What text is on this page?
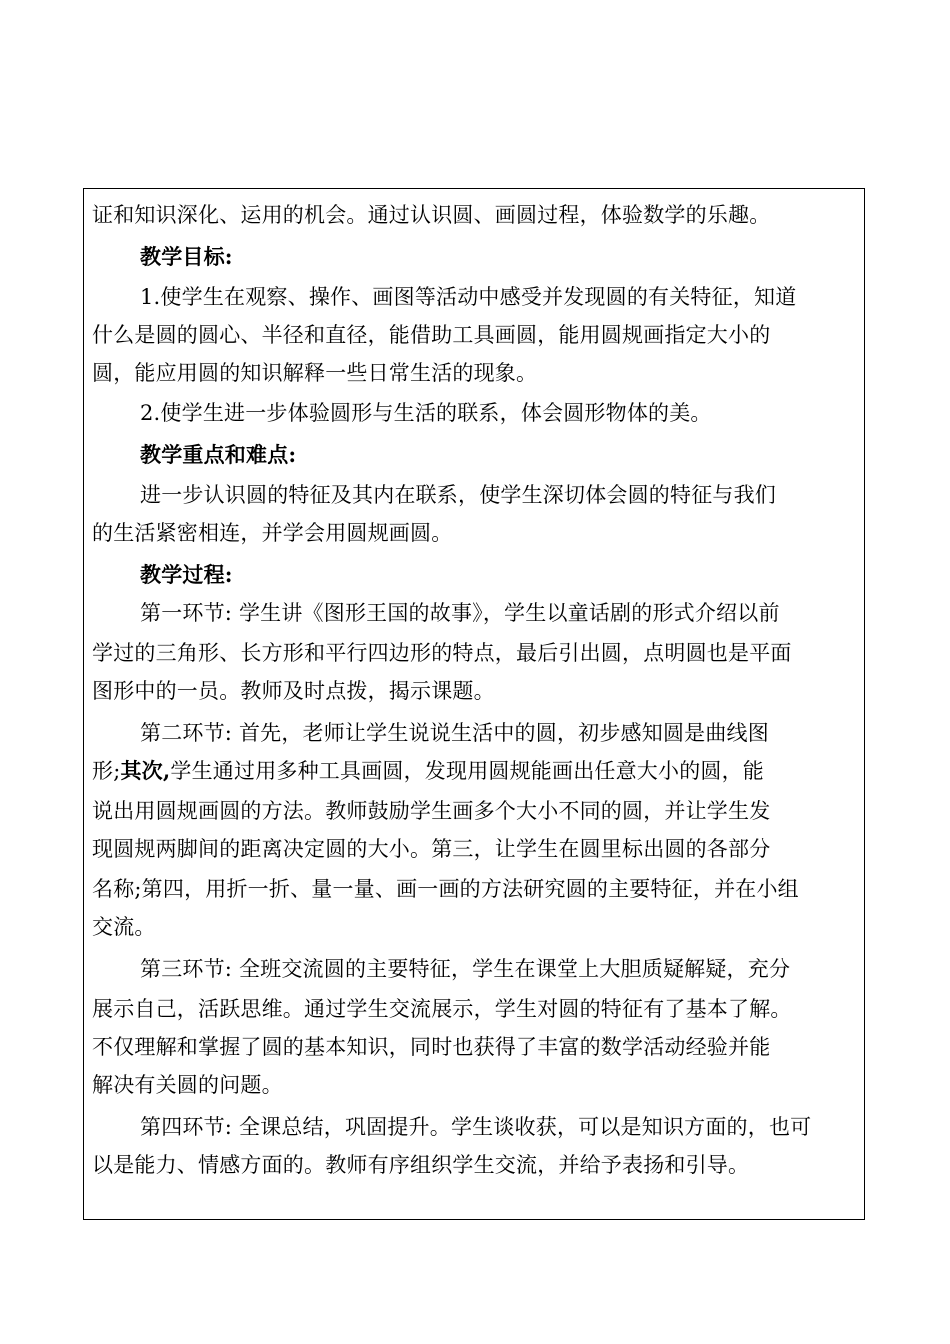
证和知识深化、运用的机会。通过认识圆、画圆过程，体验数学的乐趣。
教学目标:
1.使学生在观察、操作、画图等活动中感受并发现圆的有关特征，知道
什么是圆的圆心、半径和直径，能借助工具画圆，能用圆规画指定大小的
圆，能应用圆的知识解释一些日常生活的现象。
2.使学生进一步体验圆形与生活的联系，体会圆形物体的美。
教学重点和难点:
进一步认识圆的特征及其内在联系，使学生深切体会圆的特征与我们
的生活紧密相连，并学会用圆规画圆。
教学过程:
第一环节: 学生讲《图形王国的故事》，学生以童话剧的形式介绍以前
学过的三角形、长方形和平行四边形的特点，最后引出圆，点明圆也是平面
图形中的一员。教师及时点拨，揭示课题。
第二环节: 首先，老师让学生说说生活中的圆，初步感知圆是曲线图
形;其次,学生通过用多种工具画圆，发现用圆规能画出任意大小的圆，能
说出用圆规画圆的方法。教师鼓励学生画多个大小不同的圆，并让学生发
现圆规两脚间的距离决定圆的大小。第三，让学生在圆里标出圆的各部分
名称;第四，用折一折、量一量、画一画的方法研究圆的主要特征，并在小组
交流。
第三环节: 全班交流圆的主要特征，学生在课堂上大胆质疑解疑，充分
展示自己，活跃思维。通过学生交流展示，学生对圆的特征有了基本了解。
不仅理解和掌握了圆的基本知识，同时也获得了丰富的数学活动经验并能
解决有关圆的问题。
第四环节: 全课总结，巩固提升。学生谈收获，可以是知识方面的，也可
以是能力、情感方面的。教师有序组织学生交流，并给予表扬和引导。
